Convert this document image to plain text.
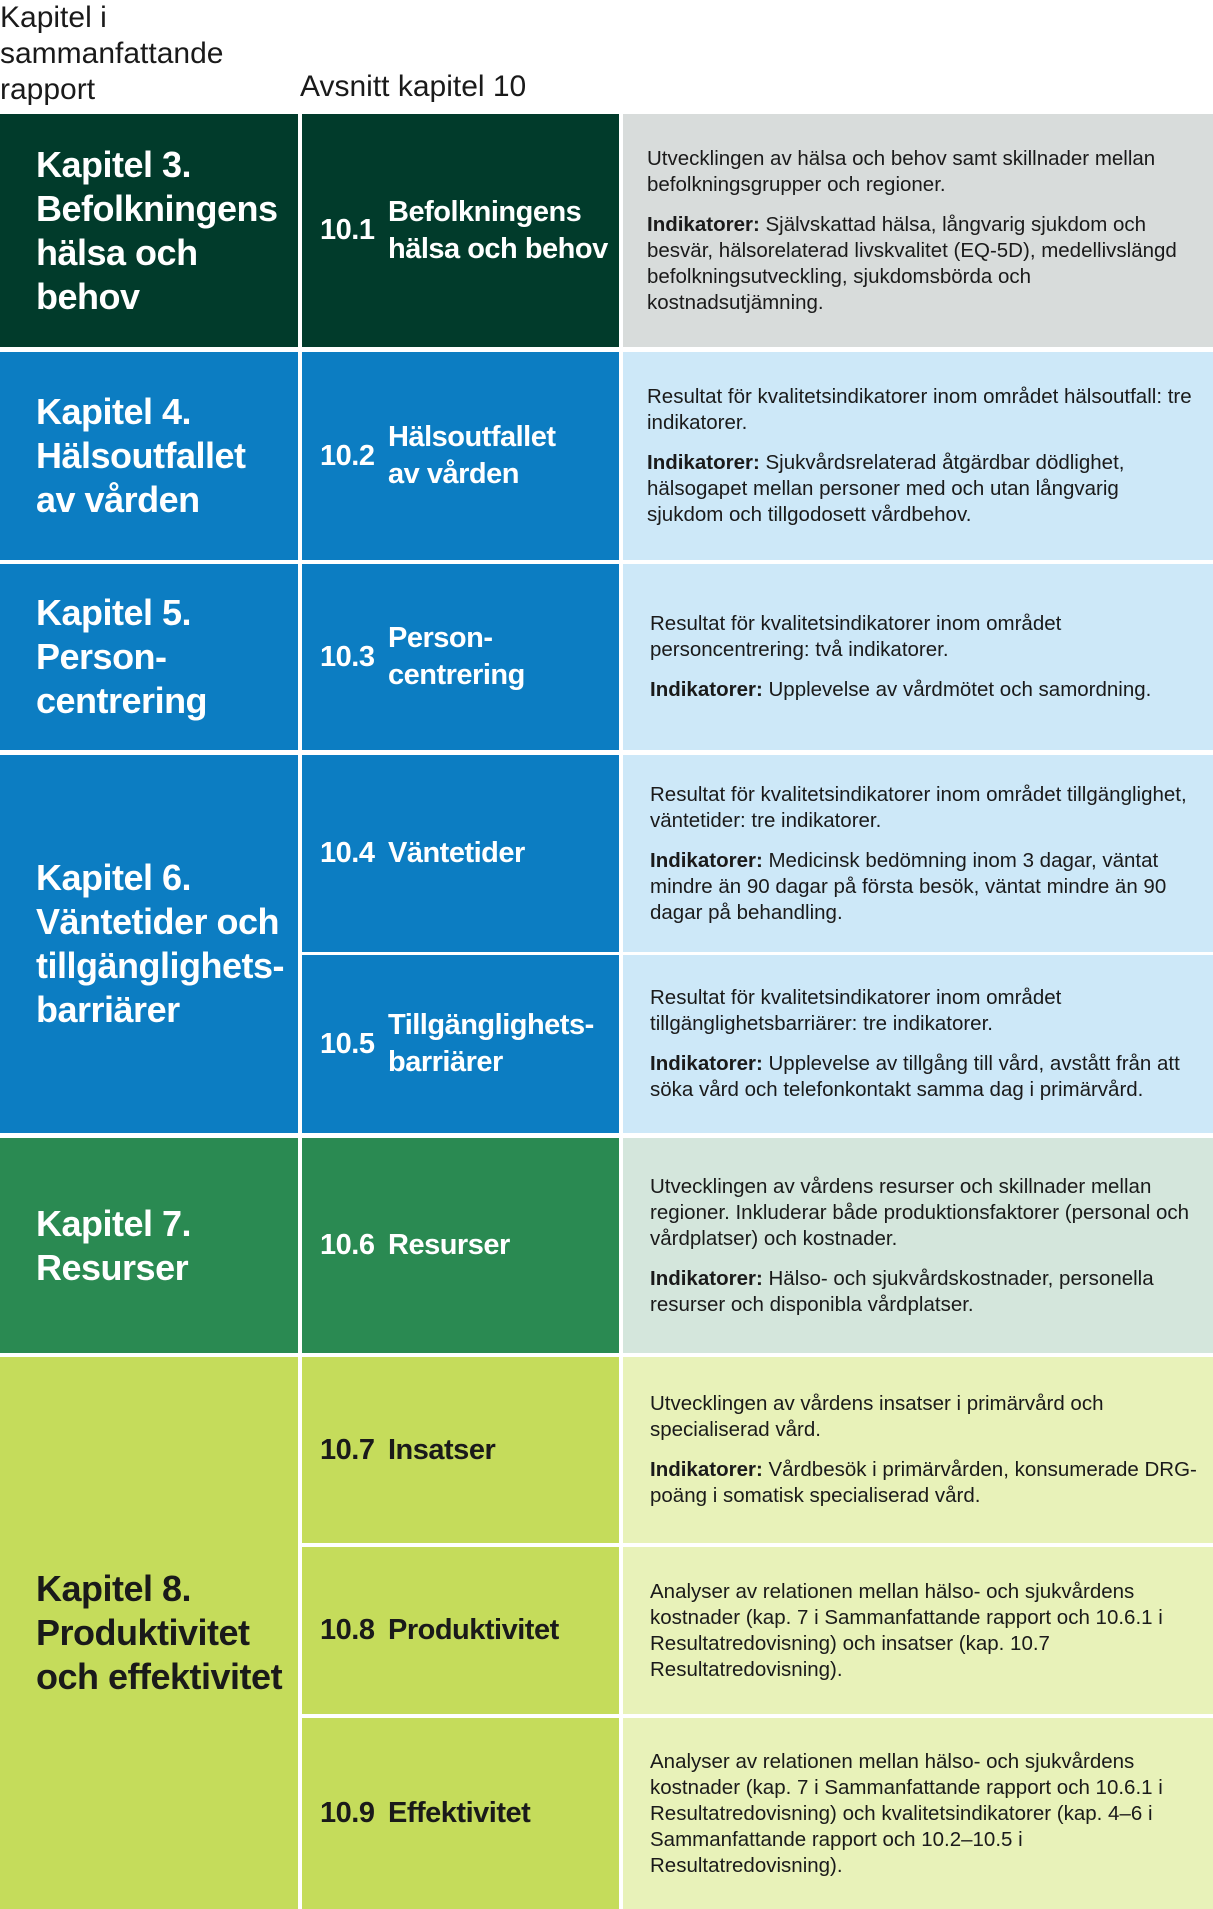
Kapitel i
sammanfattande
rapport	Avsnitt kapitel 10
Kapitel 3.
Befolkningens
hälsa och
behov
10.1
Befolkningens
hälsa och behov

Utvecklingen av hälsa och behov samt skillnader mellan befolkningsgrupper och regioner.

Indikatorer: Självskattad hälsa, långvarig sjukdom och besvär, hälsorelaterad livskvalitet (EQ-5D), medellivslängd befolkningsutveckling, sjukdomsbörda och kostnadsutjämning.

Kapitel 4.
Hälsoutfallet
av vården
10.2
Hälsoutfallet
av vården

Resultat för kvalitetsindikatorer inom området hälsoutfall: tre indikatorer.

Indikatorer: Sjukvårdsrelaterad åtgärdbar dödlighet, hälsogapet mellan personer med och utan långvarig sjukdom och tillgodosett vårdbehov.

Kapitel 5.
Person-
centrering
10.3
Person-
centrering

Resultat för kvalitetsindikatorer inom området personcentrering: två indikatorer.

Indikatorer: Upplevelse av vårdmötet och samordning.

Kapitel 6.
Väntetider och
tillgänglighets-
barriärer
10.4 Väntetider

Resultat för kvalitetsindikatorer inom området tillgänglighet, väntetider: tre indikatorer.

Indikatorer: Medicinsk bedömning inom 3 dagar, väntat mindre än 90 dagar på första besök, väntat mindre än 90 dagar på behandling.

10.5
Tillgänglighets-
barriärer

Resultat för kvalitetsindikatorer inom området tillgänglighetsbarriärer: tre indikatorer.

Indikatorer: Upplevelse av tillgång till vård, avstått från att söka vård och telefonkontakt samma dag i primärvård.

Kapitel 7.
Resurser
10.6 Resurser

Utvecklingen av vårdens resurser och skillnader mellan regioner. Inkluderar både produktionsfaktorer (personal och vårdplatser) och kostnader.

Indikatorer: Hälso- och sjukvårdskostnader, personella resurser och disponibla vårdplatser.

Kapitel 8.
Produktivitet
och effektivitet
10.7 Insatser

Utvecklingen av vårdens insatser i primärvård och specialiserad vård.

Indikatorer: Vårdbesök i primärvården, konsumerade DRG-poäng i somatisk specialiserad vård.

10.8 Produktivitet

Analyser av relationen mellan hälso- och sjukvårdens kostnader (kap. 7 i Sammanfattande rapport och 10.6.1 i Resultatredovisning) och insatser (kap. 10.7 Resultatredovisning).

10.9 Effektivitet

Analyser av relationen mellan hälso- och sjukvårdens kostnader (kap. 7 i Sammanfattande rapport och 10.6.1 i Resultatredovisning) och kvalitetsindikatorer (kap. 4–6 i Sammanfattande rapport och 10.2–10.5 i Resultatredovisning).
